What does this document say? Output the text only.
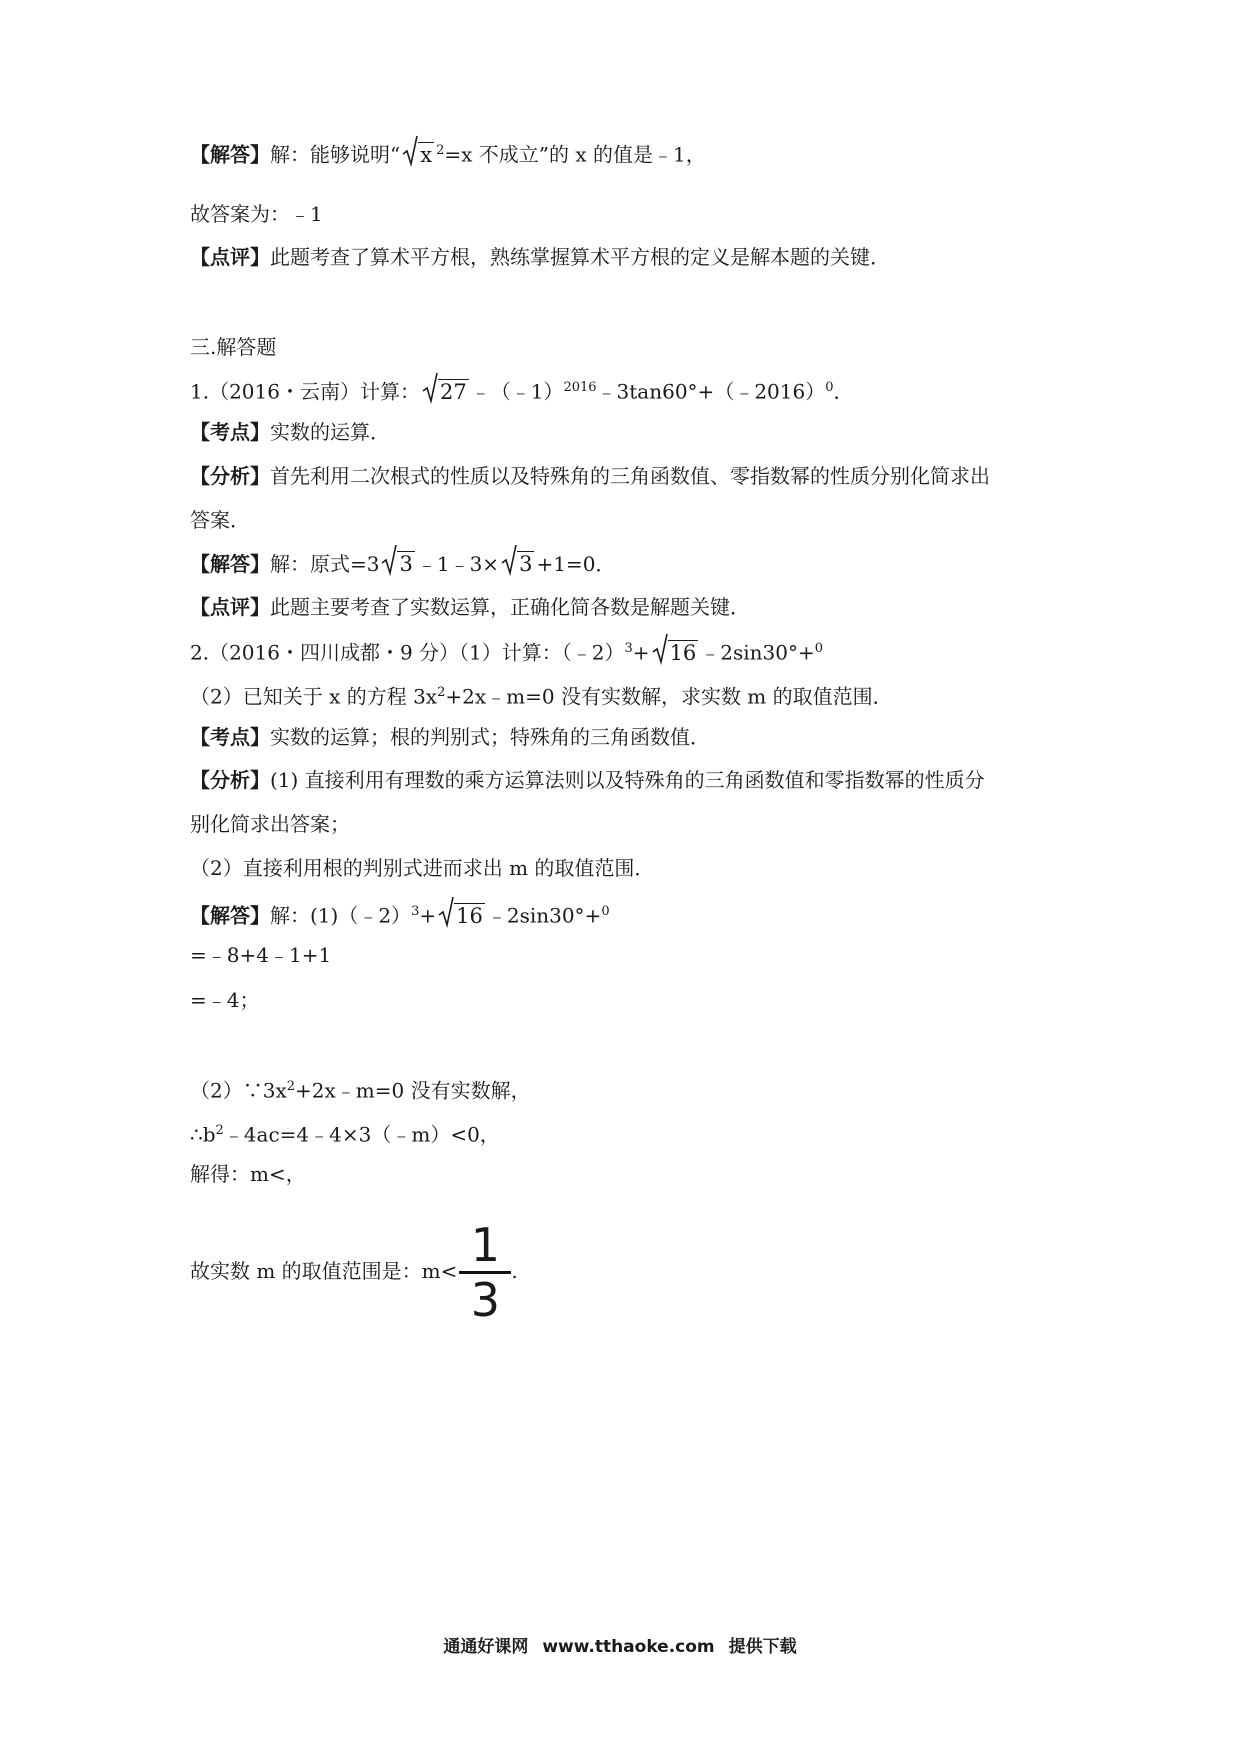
【解答】解：能够说明“ x $^2$=x 不成立”的 x 的值是﹣1，
故答案为：﹣1
【点评】此题考查了算术平方根，熟练掌握算术平方根的定义是解本题的关键．
三.解答题
1.（2016・云南）计算： 27 ﹣（﹣1）$^{2016}$﹣3tan60°+（﹣2016）$^0$．
【考点】实数的运算．
【分析】首先利用二次根式的性质以及特殊角的三角函数值、零指数幂的性质分别化简求出
答案．
【解答】解：原式=3 3 ﹣1﹣3× 3 +1=0．
【点评】此题主要考查了实数运算，正确化简各数是解题关键．
2.（2016・四川成都・9 分）（1）计算：（﹣2）$^3$+ 16 ﹣2sin30°+$^0$
（2）已知关于 x 的方程 $3x^2+2x﹣m=0$ 没有实数解，求实数 m 的取值范围．
【考点】实数的运算；根的判别式；特殊角的三角函数值．
【分析】(1) 直接利用有理数的乘方运算法则以及特殊角的三角函数值和零指数幂的性质分
别化简求出答案；
（2）直接利用根的判别式进而求出 m 的取值范围．
【解答】解：(1)（﹣2）$^3$+ 16 ﹣2sin30°+$^0$
=﹣8+4﹣1+1
=﹣4；
$(2)\because 3x^2+2x﹣m=0$ 没有实数解，
$\therefore b^2﹣4ac=4﹣4\times 3(﹣m)<0$，
解得：m<，
故实数 m 的取值范围是：$m< \frac{1}{3}$ .
通通好课网 www.tthaoke.com 提供下载
